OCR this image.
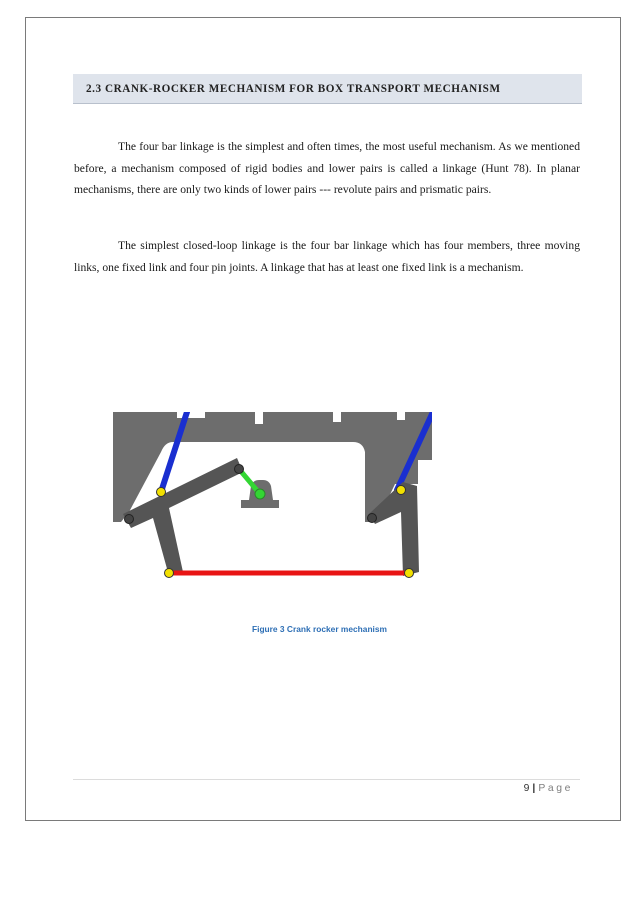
2.3 CRANK-ROCKER MECHANISM FOR BOX TRANSPORT MECHANISM

The four bar linkage is the simplest and often times, the most useful mechanism. As we mentioned before, a mechanism composed of rigid bodies and lower pairs is called a linkage (Hunt 78). In planar mechanisms, there are only two kinds of lower pairs --- revolute pairs and prismatic pairs.

The simplest closed-loop linkage is the four bar linkage which has four members, three moving links, one fixed link and four pin joints. A linkage that has at least one fixed link is a mechanism.

Figure 3 Crank rocker mechanism
9 | Page
